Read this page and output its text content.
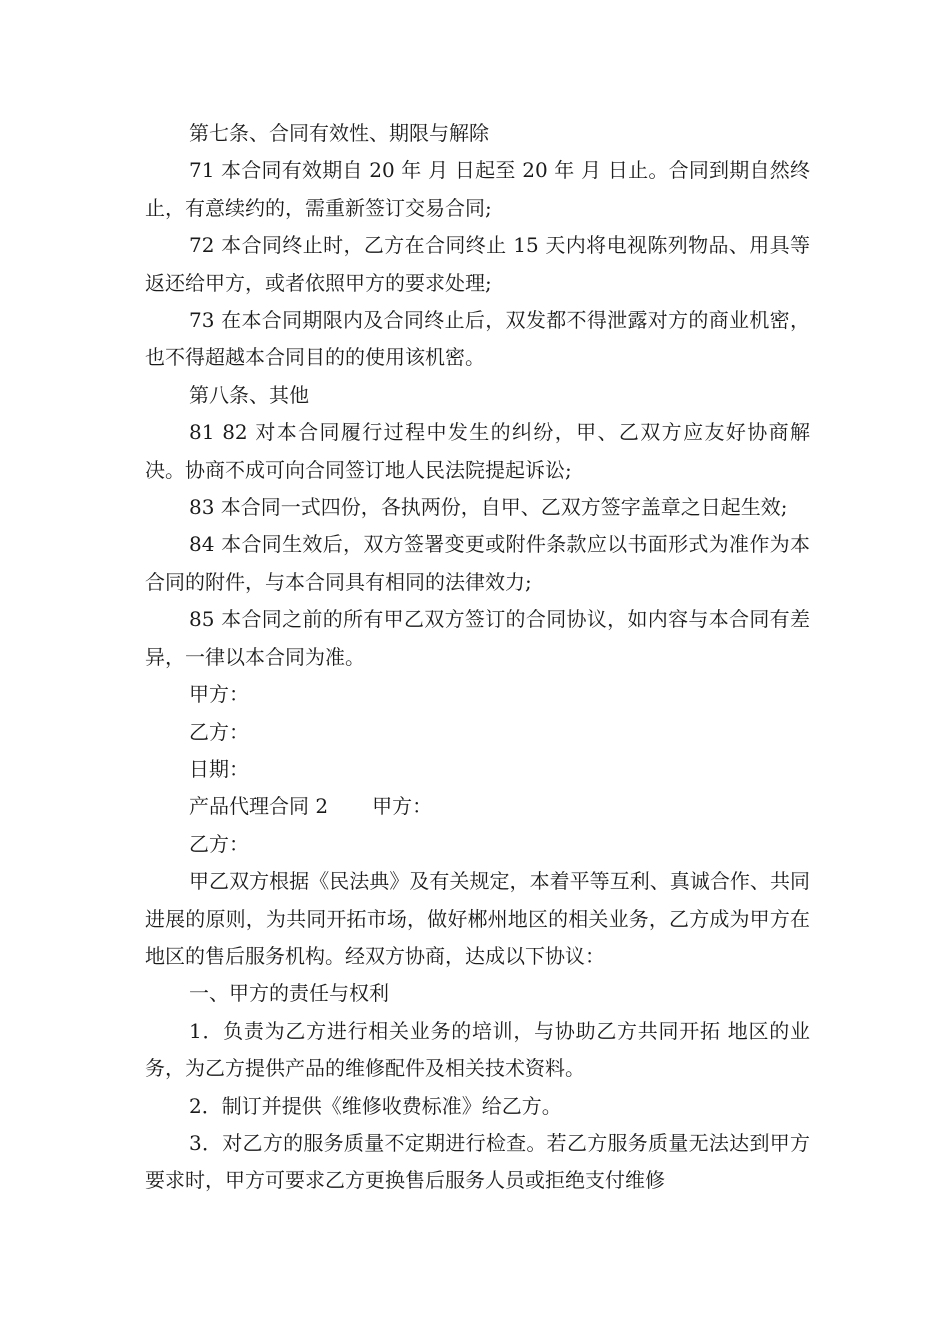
第七条、合同有效性、期限与解除

71 本合同有效期自 20 年 月 日起至 20 年 月 日止。合同到期自然终止，有意续约的，需重新签订交易合同;

72 本合同终止时，乙方在合同终止 15 天内将电视陈列物品、用具等返还给甲方，或者依照甲方的要求处理;

73 在本合同期限内及合同终止后，双发都不得泄露对方的商业机密，也不得超越本合同目的的使用该机密。

第八条、其他

81 82 对本合同履行过程中发生的纠纷，甲、乙双方应友好协商解决。协商不成可向合同签订地人民法院提起诉讼;

83 本合同一式四份，各执两份，自甲、乙双方签字盖章之日起生效;

84 本合同生效后，双方签署变更或附件条款应以书面形式为准作为本合同的附件，与本合同具有相同的法律效力;

85 本合同之前的所有甲乙双方签订的合同协议，如内容与本合同有差异，一律以本合同为准。

甲方：

乙方：

日期：

产品代理合同 2 甲方：

乙方：

甲乙双方根据《民法典》及有关规定，本着平等互利、真诚合作、共同进展的原则，为共同开拓市场，做好郴州地区的相关业务，乙方成为甲方在 地区的售后服务机构。经双方协商，达成以下协议：

一、甲方的责任与权利

1．负责为乙方进行相关业务的培训，与协助乙方共同开拓 地区的业务，为乙方提供产品的维修配件及相关技术资料。

2．制订并提供《维修收费标准》给乙方。

3．对乙方的服务质量不定期进行检查。若乙方服务质量无法达到甲方要求时，甲方可要求乙方更换售后服务人员或拒绝支付维修
